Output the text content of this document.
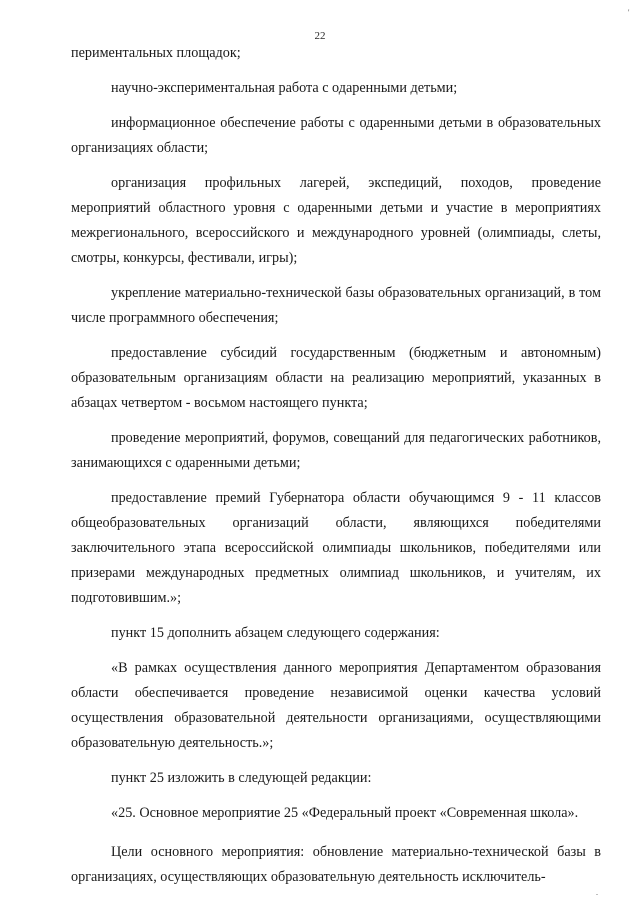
'
22

периментальных площадок;

научно-экспериментальная работа с одаренными детьми;

информационное обеспечение работы с одаренными детьми в образовательных организациях области;

организация профильных лагерей, экспедиций, походов, проведение мероприятий областного уровня с одаренными детьми и участие в мероприятиях межрегионального, всероссийского и международного уровней (олимпиады, слеты, смотры, конкурсы, фестивали, игры);

укрепление материально-технической базы образовательных организаций, в том числе программного обеспечения;

предоставление субсидий государственным (бюджетным и автономным) образовательным организациям области на реализацию мероприятий, указанных в абзацах четвертом - восьмом настоящего пункта;

проведение мероприятий, форумов, совещаний для педагогических работников, занимающихся с одаренными детьми;

предоставление премий Губернатора области обучающимся 9 - 11 классов общеобразовательных организаций области, являющихся победителями заключительного этапа всероссийской олимпиады школьников, победителями или призерами международных предметных олимпиад школьников, и учителям, их подготовившим.»;

пункт 15 дополнить абзацем следующего содержания:

«В рамках осуществления данного мероприятия Департаментом образования области обеспечивается проведение независимой оценки качества условий осуществления образовательной деятельности организациями, осуществляющими образовательную деятельность.»;

пункт 25 изложить в следующей редакции:

«25. Основное мероприятие 25 «Федеральный проект «Современная школа».

Цели основного мероприятия: обновление материально-технической базы в организациях, осуществляющих образовательную деятельность исключитель-

.
